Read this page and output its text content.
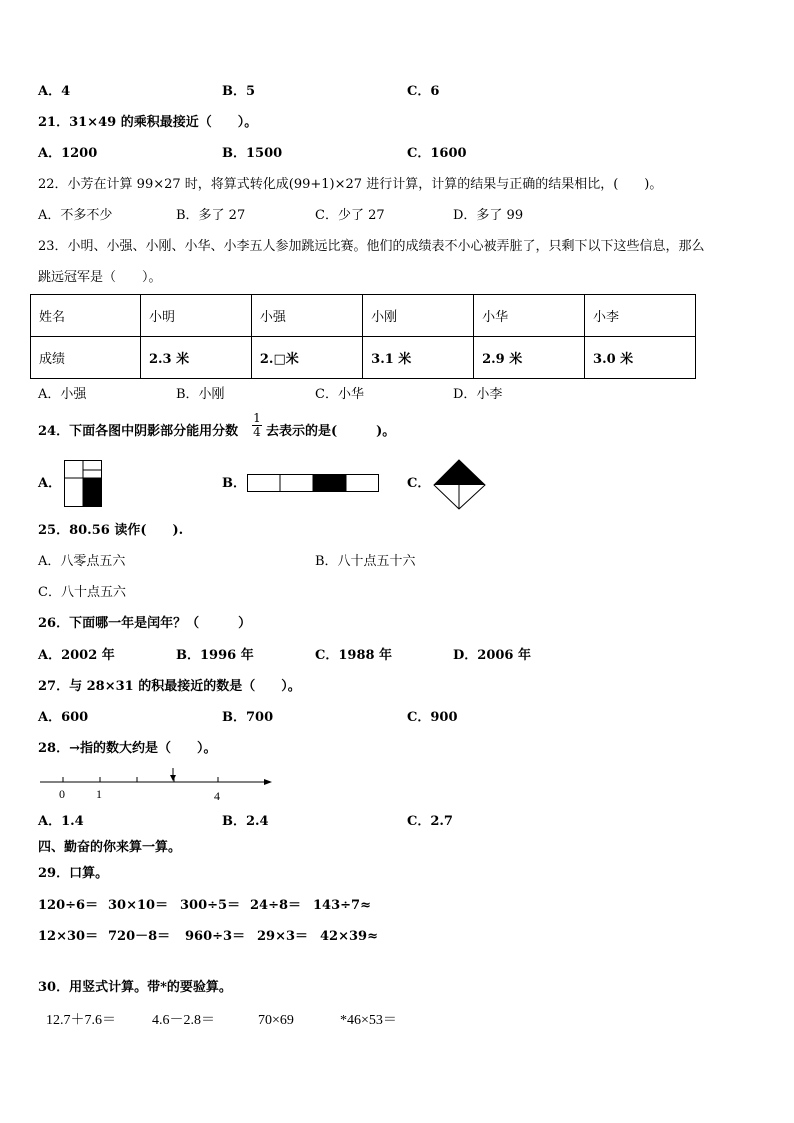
A．4	B．5	C．6
21．31×49 的乘积最接近（　　）。
A．1200	B．1500	C．1600
22．小芳在计算 99×27 时，将算式转化成(99+1)×27 进行计算，计算的结果与正确的结果相比，(　　)。
A．不多不少	B．多了 27	C．少了 27	D．多了 99
23．小明、小强、小刚、小华、小李五人参加跳远比赛。他们的成绩表不小心被弄脏了，只剩下以下这些信息，那么
跳远冠军是（　　）。
姓名	小明	小强	小刚	小华	小李
成绩	2.3 米	2.□米	3.1 米	2.9 米	3.0 米
A．小强	B．小刚	C．小华	D．小李
24．下面各图中阴影部分能用分数 $\frac{1}{4}$ 去表示的是(　　　)。
A．	B．	C．
25．80.56 读作(　　).
A．八零点五六	B．八十点五十六
C．八十点五六
26．下面哪一年是闰年？（　　　）
A．2002 年	B．1996 年	C．1988 年	D．2006 年
27．与 28×31 的积最接近的数是（　　）。
A．600	B．700	C．900
28．→指的数大约是（　　）。
0	1	4
A．1.4	B．2.4	C．2.7
四、勤奋的你来算一算。
29．口算。
120÷6＝ 30×10＝ 300÷5＝ 24÷8＝ 143÷7≈
12×30＝ 720－8＝ 960÷3＝ 29×3＝ 42×39≈
30．用竖式计算。带*的要验算。
12.7＋7.6＝	4.6－2.8＝	70×69	*46×53＝
